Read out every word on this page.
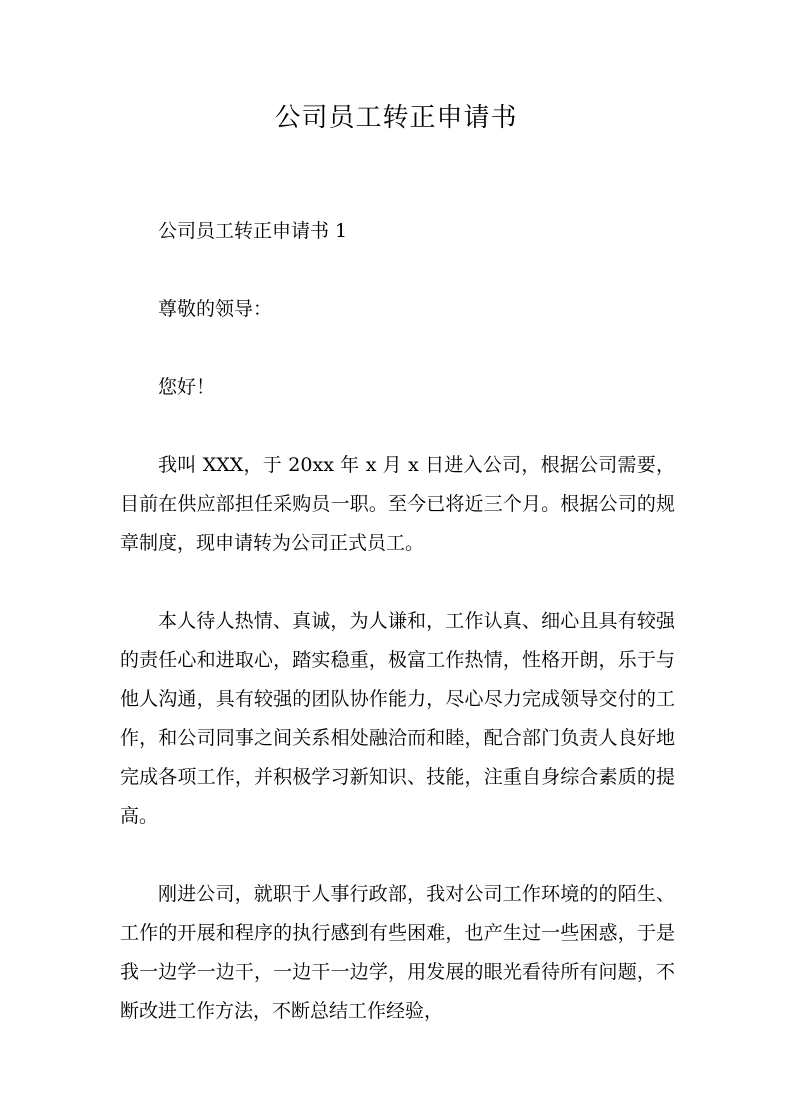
公司员工转正申请书

公司员工转正申请书 1

尊敬的领导：

您好！

我叫 XXX，于 20xx 年 x 月 x 日进入公司，根据公司需要，目前在供应部担任采购员一职。至今已将近三个月。根据公司的规章制度，现申请转为公司正式员工。

本人待人热情、真诚，为人谦和，工作认真、细心且具有较强的责任心和进取心，踏实稳重，极富工作热情，性格开朗，乐于与他人沟通，具有较强的团队协作能力，尽心尽力完成领导交付的工作，和公司同事之间关系相处融洽而和睦，配合部门负责人良好地完成各项工作，并积极学习新知识、技能，注重自身综合素质的提高。

刚进公司，就职于人事行政部，我对公司工作环境的的陌生、工作的开展和程序的执行感到有些困难，也产生过一些困惑，于是我一边学一边干，一边干一边学，用发展的眼光看待所有问题，不断改进工作方法，不断总结工作经验，
